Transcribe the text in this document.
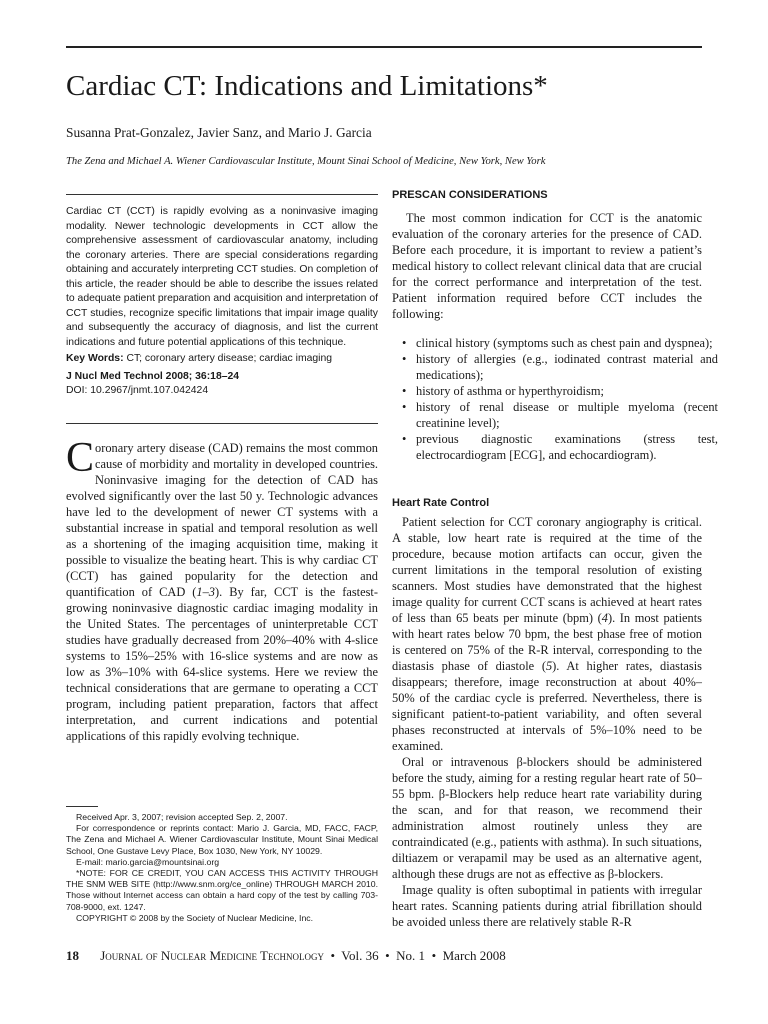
Cardiac CT: Indications and Limitations*
Susanna Prat-Gonzalez, Javier Sanz, and Mario J. Garcia
The Zena and Michael A. Wiener Cardiovascular Institute, Mount Sinai School of Medicine, New York, New York

Cardiac CT (CCT) is rapidly evolving as a noninvasive imaging modality. Newer technologic developments in CCT allow the comprehensive assessment of cardiovascular anatomy, including the coronary arteries. There are special considerations regarding obtaining and accurately interpreting CCT studies. On completion of this article, the reader should be able to describe the issues related to adequate patient preparation and acquisition and interpretation of CCT studies, recognize specific limitations that impair image quality and subsequently the accuracy of diagnosis, and list the current indications and future potential applications of this technique.

Key Words: CT; coronary artery disease; cardiac imaging

J Nucl Med Technol 2008; 36:18–24

DOI: 10.2967/jnmt.107.042424

Coronary artery disease (CAD) remains the most common cause of morbidity and mortality in developed countries. Noninvasive imaging for the detection of CAD has evolved significantly over the last 50 y. Technologic advances have led to the development of newer CT systems with a substantial increase in spatial and temporal resolution as well as a shortening of the imaging acquisition time, making it possible to visualize the beating heart. This is why cardiac CT (CCT) has gained popularity for the detection and quantification of CAD (1–3). By far, CCT is the fastest-growing noninvasive diagnostic cardiac imaging modality in the United States. The percentages of uninterpretable CCT studies have gradually decreased from 20%–40% with 4-slice systems to 15%–25% with 16-slice systems and are now as low as 3%–10% with 64-slice systems. Here we review the technical considerations that are germane to operating a CCT program, including patient preparation, factors that affect interpretation, and current indications and potential applications of this rapidly evolving technique.

Received Apr. 3, 2007; revision accepted Sep. 2, 2007.

For correspondence or reprints contact: Mario J. Garcia, MD, FACC, FACP, The Zena and Michael A. Wiener Cardiovascular Institute, Mount Sinai Medical School, One Gustave Levy Place, Box 1030, New York, NY 10029.

E-mail: mario.garcia@mountsinai.org

*NOTE: FOR CE CREDIT, YOU CAN ACCESS THIS ACTIVITY THROUGH THE SNM WEB SITE (http://www.snm.org/ce_online) THROUGH MARCH 2010. Those without Internet access can obtain a hard copy of the test by calling 703-708-9000, ext. 1247.

COPYRIGHT © 2008 by the Society of Nuclear Medicine, Inc.

PRESCAN CONSIDERATIONS

The most common indication for CCT is the anatomic evaluation of the coronary arteries for the presence of CAD. Before each procedure, it is important to review a patient’s medical history to collect relevant clinical data that are crucial for the correct performance and interpretation of the test. Patient information required before CCT includes the following:

• clinical history (symptoms such as chest pain and dyspnea);
• history of allergies (e.g., iodinated contrast material and medications);
• history of asthma or hyperthyroidism;
• history of renal disease or multiple myeloma (recent creatinine level);
• previous diagnostic examinations (stress test, electrocardiogram [ECG], and echocardiogram).
Heart Rate Control

Patient selection for CCT coronary angiography is critical. A stable, low heart rate is required at the time of the procedure, because motion artifacts can occur, given the current limitations in the temporal resolution of existing scanners. Most studies have demonstrated that the highest image quality for current CCT scans is achieved at heart rates of less than 65 beats per minute (bpm) (4). In most patients with heart rates below 70 bpm, the best phase free of motion is centered on 75% of the R-R interval, corresponding to the diastasis phase of diastole (5). At higher rates, diastasis disappears; therefore, image reconstruction at about 40%–50% of the cardiac cycle is preferred. Nevertheless, there is significant patient-to-patient variability, and often several phases reconstructed at intervals of 5%–10% need to be examined.

Oral or intravenous β-blockers should be administered before the study, aiming for a resting regular heart rate of 50–55 bpm. β-Blockers help reduce heart rate variability during the scan, and for that reason, we recommend their administration almost routinely unless they are contraindicated (e.g., patients with asthma). In such situations, diltiazem or verapamil may be used as an alternative agent, although these drugs are not as effective as β-blockers.

Image quality is often suboptimal in patients with irregular heart rates. Scanning patients during atrial fibrillation should be avoided unless there are relatively stable R-R

18 Journal of Nuclear Medicine Technology • Vol. 36 • No. 1 • March 2008
